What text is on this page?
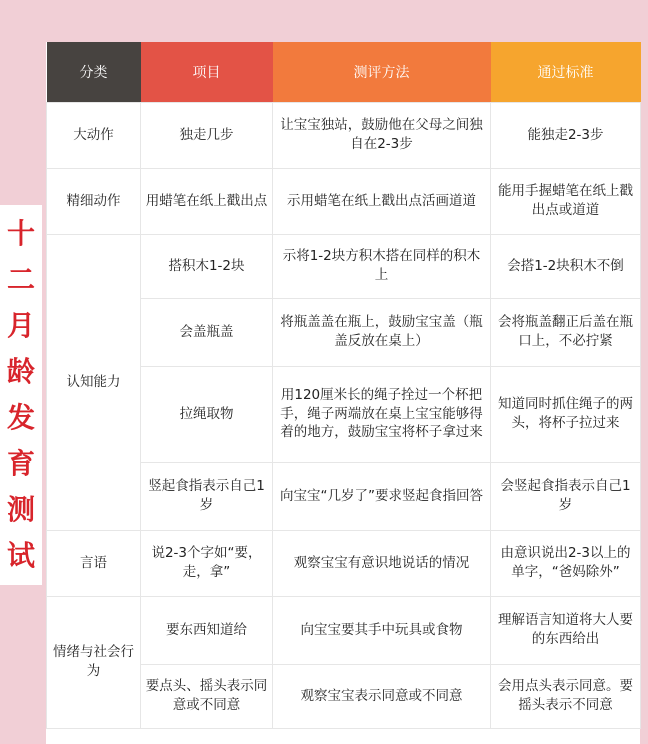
十
二
月
龄
发
育
测
试
分类	项目	测评方法	通过标准
大动作	独走几步	让宝宝独站，鼓励他在父母之间独自在2-3步	能独走2-3步
精细动作	用蜡笔在纸上戳出点	示用蜡笔在纸上戳出点活画道道	能用手握蜡笔在纸上戳出点或道道
认知能力	搭积木1-2块	示将1-2块方积木搭在同样的积木上	会搭1-2块积木不倒
	会盖瓶盖	将瓶盖盖在瓶上，鼓励宝宝盖（瓶盖反放在桌上）	会将瓶盖翻正后盖在瓶口上，不必拧紧
	拉绳取物	用120厘米长的绳子拴过一个杯把手，绳子两端放在桌上宝宝能够得着的地方，鼓励宝宝将杯子拿过来	知道同时抓住绳子的两头，将杯子拉过来
	竖起食指表示自己1岁	向宝宝“几岁了”要求竖起食指回答	会竖起食指表示自己1岁
言语	说2-3个字如“要，走，拿”	观察宝宝有意识地说话的情况	由意识说出2-3以上的单字，“爸妈除外”
情绪与社会行为	要东西知道给	向宝宝要其手中玩具或食物	理解语言知道将大人要的东西给出
	要点头、摇头表示同意或不同意	观察宝宝表示同意或不同意	会用点头表示同意。要摇头表示不同意
